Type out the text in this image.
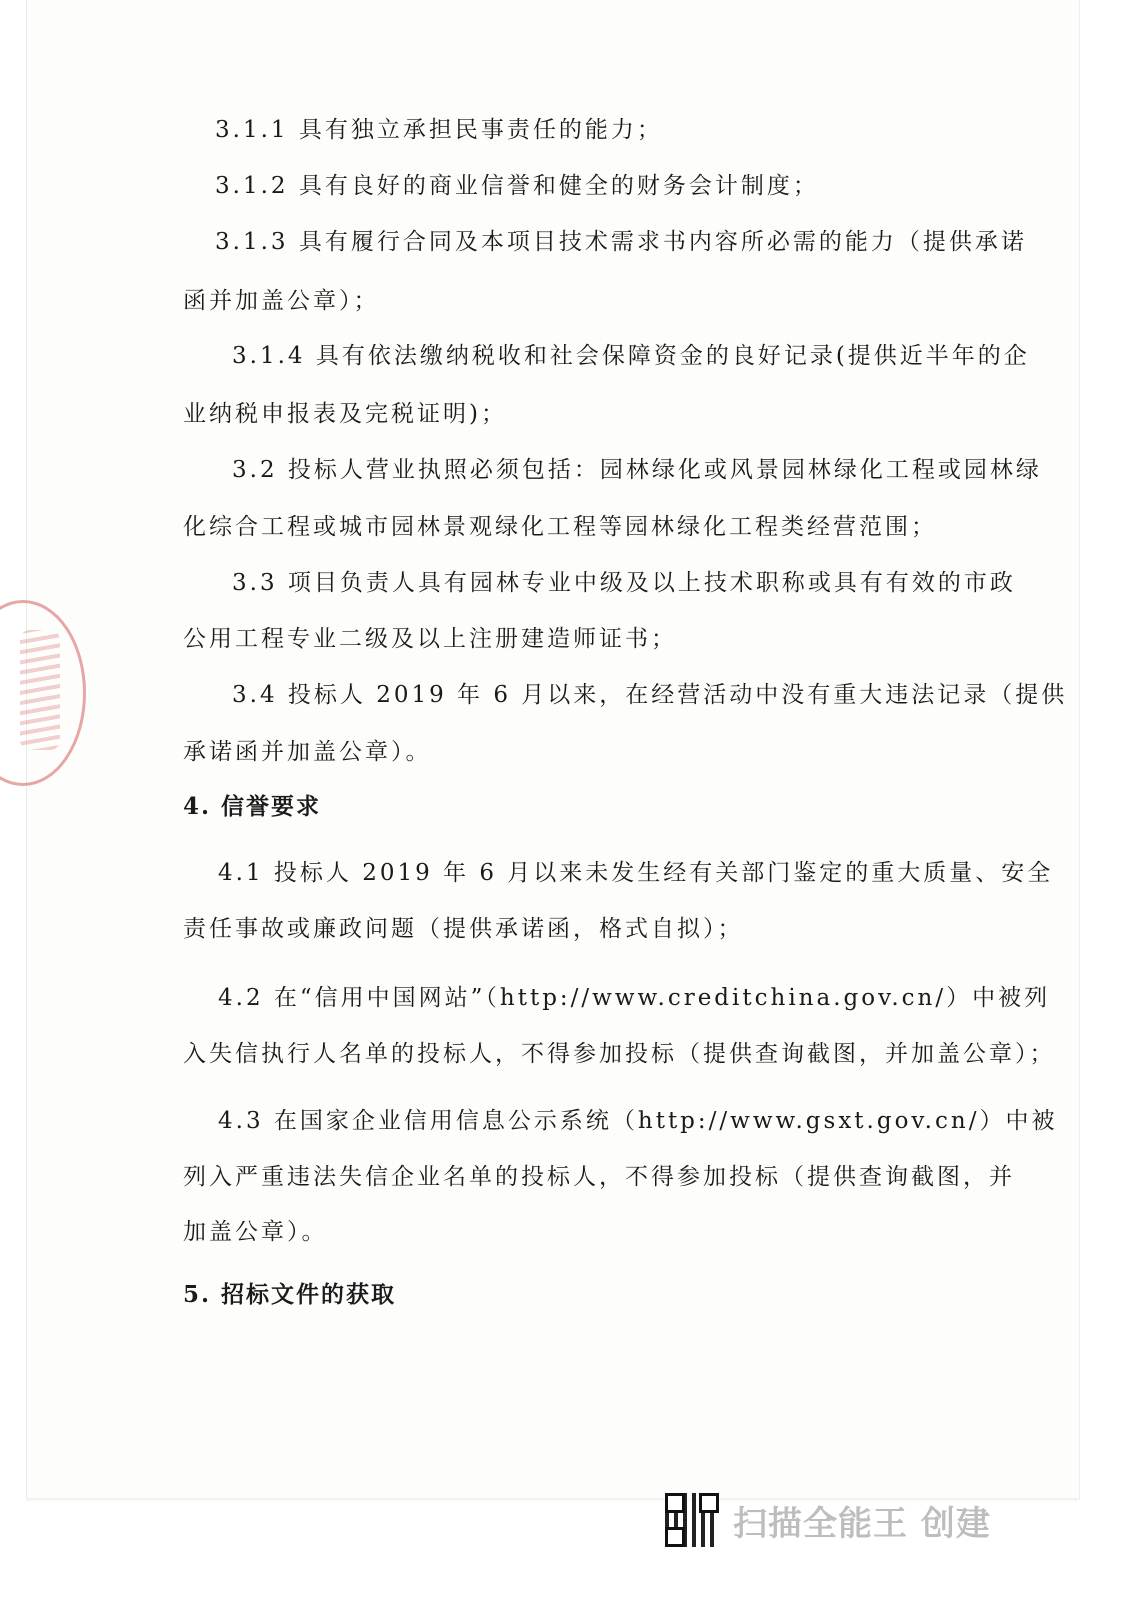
3.1.1 具有独立承担民事责任的能力；
3.1.2 具有良好的商业信誉和健全的财务会计制度；
3.1.3 具有履行合同及本项目技术需求书内容所必需的能力（提供承诺
函并加盖公章）；
3.1.4 具有依法缴纳税收和社会保障资金的良好记录(提供近半年的企
业纳税申报表及完税证明)；
3.2 投标人营业执照必须包括：园林绿化或风景园林绿化工程或园林绿
化综合工程或城市园林景观绿化工程等园林绿化工程类经营范围；
3.3 项目负责人具有园林专业中级及以上技术职称或具有有效的市政
公用工程专业二级及以上注册建造师证书；
3.4 投标人 2019 年 6 月以来，在经营活动中没有重大违法记录（提供
承诺函并加盖公章）。
4. 信誉要求
4.1 投标人 2019 年 6 月以来未发生经有关部门鉴定的重大质量、安全
责任事故或廉政问题（提供承诺函，格式自拟）；
4.2 在“信用中国网站”（http://www.creditchina.gov.cn/）中被列
入失信执行人名单的投标人，不得参加投标（提供查询截图，并加盖公章）；
4.3 在国家企业信用信息公示系统（http://www.gsxt.gov.cn/）中被
列入严重违法失信企业名单的投标人，不得参加投标（提供查询截图，并
加盖公章）。
5. 招标文件的获取
扫描全能王 创建
